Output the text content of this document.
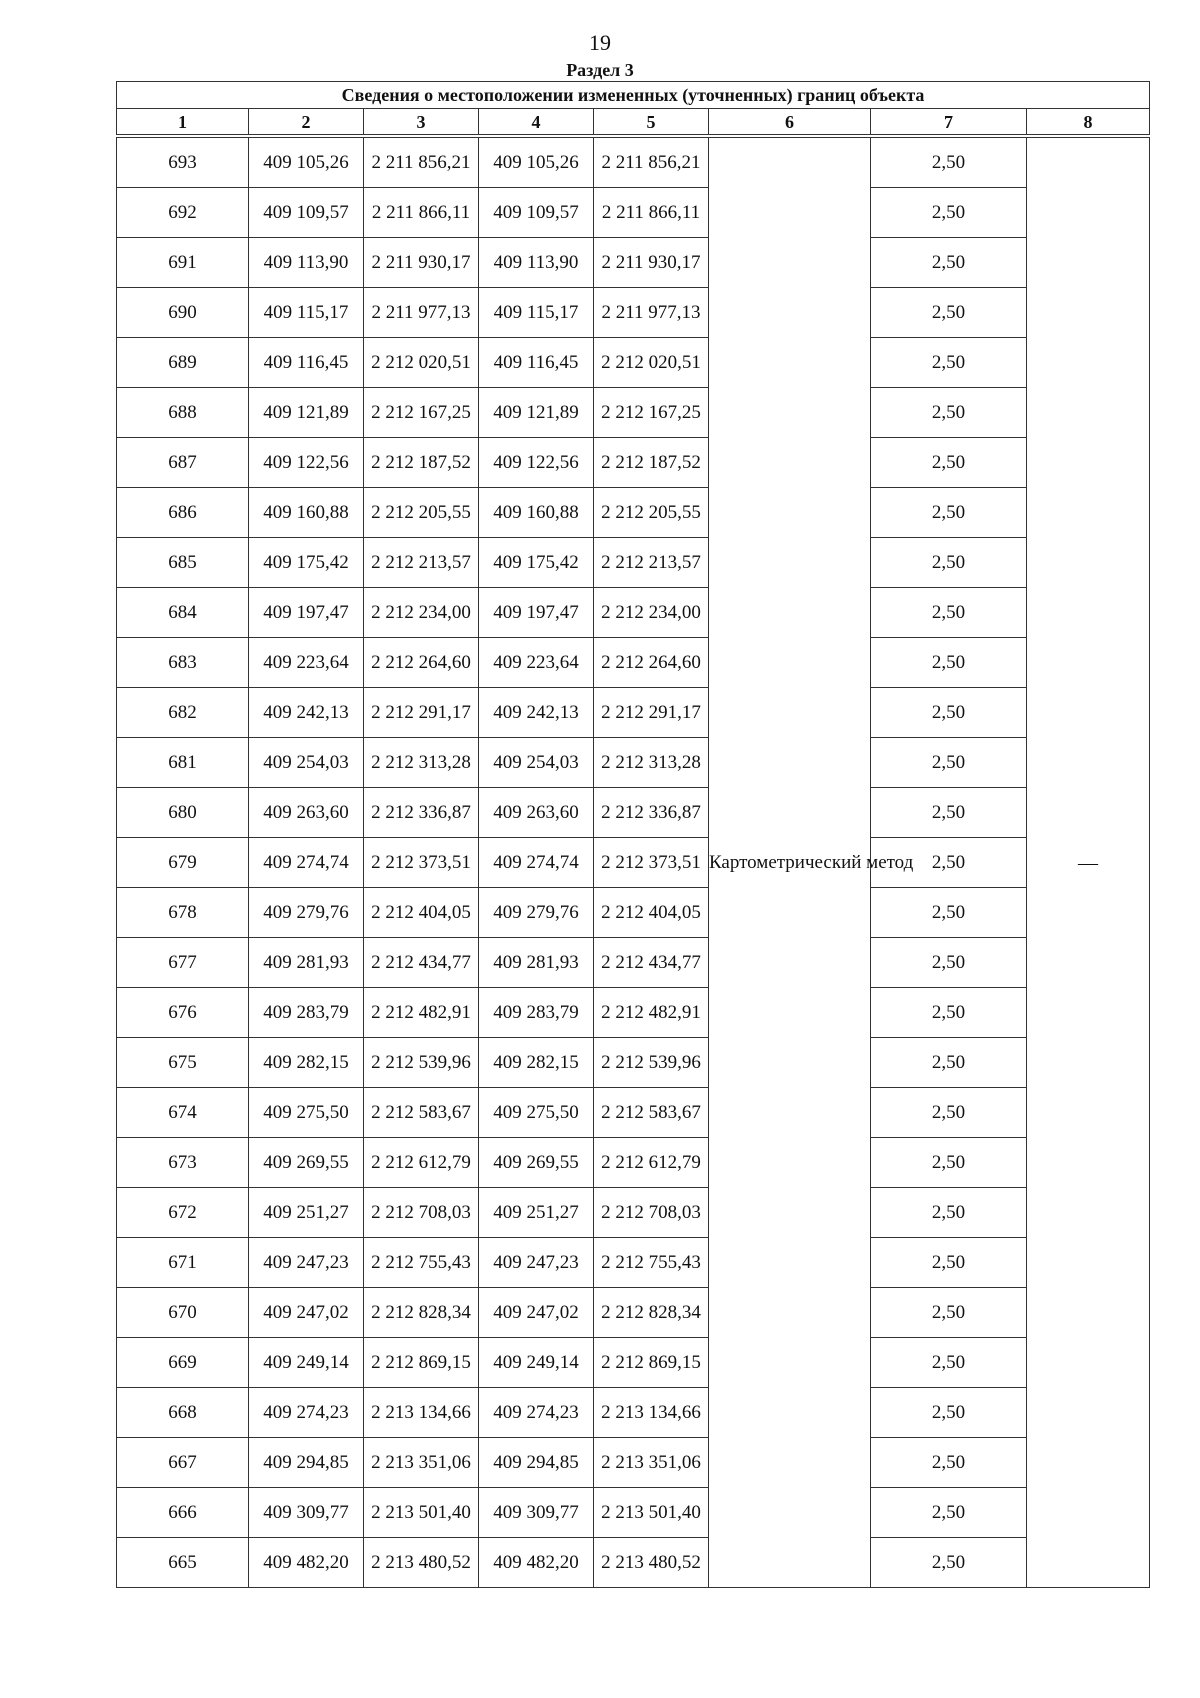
19
Раздел 3
Сведения о местоположении измененных (уточненных) границ объекта							
1	2	3	4	5	6	7	8
693	409 105,26	2 211 856,21	409 105,26	2 211 856,21	Картометрический метод	2,50	—
692	409 109,57	2 211 866,11	409 109,57	2 211 866,11		2,50	
691	409 113,90	2 211 930,17	409 113,90	2 211 930,17		2,50	
690	409 115,17	2 211 977,13	409 115,17	2 211 977,13		2,50	
689	409 116,45	2 212 020,51	409 116,45	2 212 020,51		2,50	
688	409 121,89	2 212 167,25	409 121,89	2 212 167,25		2,50	
687	409 122,56	2 212 187,52	409 122,56	2 212 187,52		2,50	
686	409 160,88	2 212 205,55	409 160,88	2 212 205,55		2,50	
685	409 175,42	2 212 213,57	409 175,42	2 212 213,57		2,50	
684	409 197,47	2 212 234,00	409 197,47	2 212 234,00		2,50	
683	409 223,64	2 212 264,60	409 223,64	2 212 264,60		2,50	
682	409 242,13	2 212 291,17	409 242,13	2 212 291,17		2,50	
681	409 254,03	2 212 313,28	409 254,03	2 212 313,28		2,50	
680	409 263,60	2 212 336,87	409 263,60	2 212 336,87		2,50	
679	409 274,74	2 212 373,51	409 274,74	2 212 373,51		2,50	
678	409 279,76	2 212 404,05	409 279,76	2 212 404,05		2,50	
677	409 281,93	2 212 434,77	409 281,93	2 212 434,77		2,50	
676	409 283,79	2 212 482,91	409 283,79	2 212 482,91		2,50	
675	409 282,15	2 212 539,96	409 282,15	2 212 539,96		2,50	
674	409 275,50	2 212 583,67	409 275,50	2 212 583,67		2,50	
673	409 269,55	2 212 612,79	409 269,55	2 212 612,79		2,50	
672	409 251,27	2 212 708,03	409 251,27	2 212 708,03		2,50	
671	409 247,23	2 212 755,43	409 247,23	2 212 755,43		2,50	
670	409 247,02	2 212 828,34	409 247,02	2 212 828,34		2,50	
669	409 249,14	2 212 869,15	409 249,14	2 212 869,15		2,50	
668	409 274,23	2 213 134,66	409 274,23	2 213 134,66		2,50	
667	409 294,85	2 213 351,06	409 294,85	2 213 351,06		2,50	
666	409 309,77	2 213 501,40	409 309,77	2 213 501,40		2,50	
665	409 482,20	2 213 480,52	409 482,20	2 213 480,52		2,50	
